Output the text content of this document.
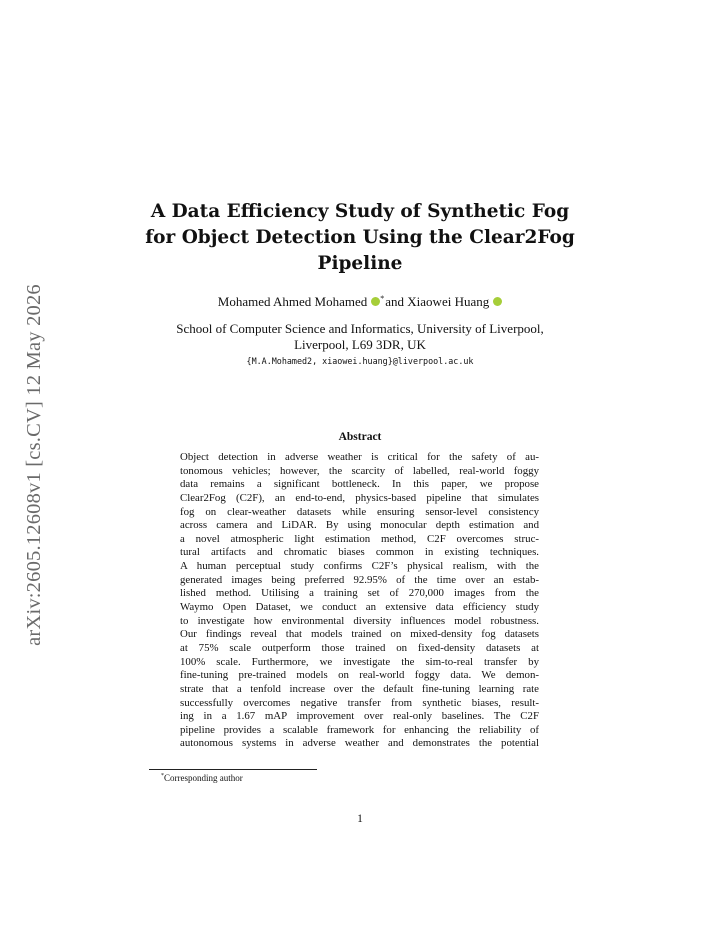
arXiv:2605.12608v1 [cs.CV] 12 May 2026
A Data Efficiency Study of Synthetic Fog
for Object Detection Using the Clear2Fog
Pipeline
Mohamed Ahmed Mohamed *and Xiaowei Huang
School of Computer Science and Informatics, University of Liverpool,
Liverpool, L69 3DR, UK
{M.A.Mohamed2, xiaowei.huang}@liverpool.ac.uk
Abstract
Object detection in adverse weather is critical for the safety of au-
tonomous vehicles; however, the scarcity of labelled, real-world foggy
data remains a significant bottleneck. In this paper, we propose
Clear2Fog (C2F), an end-to-end, physics-based pipeline that simulates
fog on clear-weather datasets while ensuring sensor-level consistency
across camera and LiDAR. By using monocular depth estimation and
a novel atmospheric light estimation method, C2F overcomes struc-
tural artifacts and chromatic biases common in existing techniques.
A human perceptual study confirms C2F’s physical realism, with the
generated images being preferred 92.95% of the time over an estab-
lished method. Utilising a training set of 270,000 images from the
Waymo Open Dataset, we conduct an extensive data efficiency study
to investigate how environmental diversity influences model robustness.
Our findings reveal that models trained on mixed-density fog datasets
at 75% scale outperform those trained on fixed-density datasets at
100% scale. Furthermore, we investigate the sim-to-real transfer by
fine-tuning pre-trained models on real-world foggy data. We demon-
strate that a tenfold increase over the default fine-tuning learning rate
successfully overcomes negative transfer from synthetic biases, result-
ing in a 1.67 mAP improvement over real-only baselines. The C2F
pipeline provides a scalable framework for enhancing the reliability of
autonomous systems in adverse weather and demonstrates the potential
*Corresponding author
1
